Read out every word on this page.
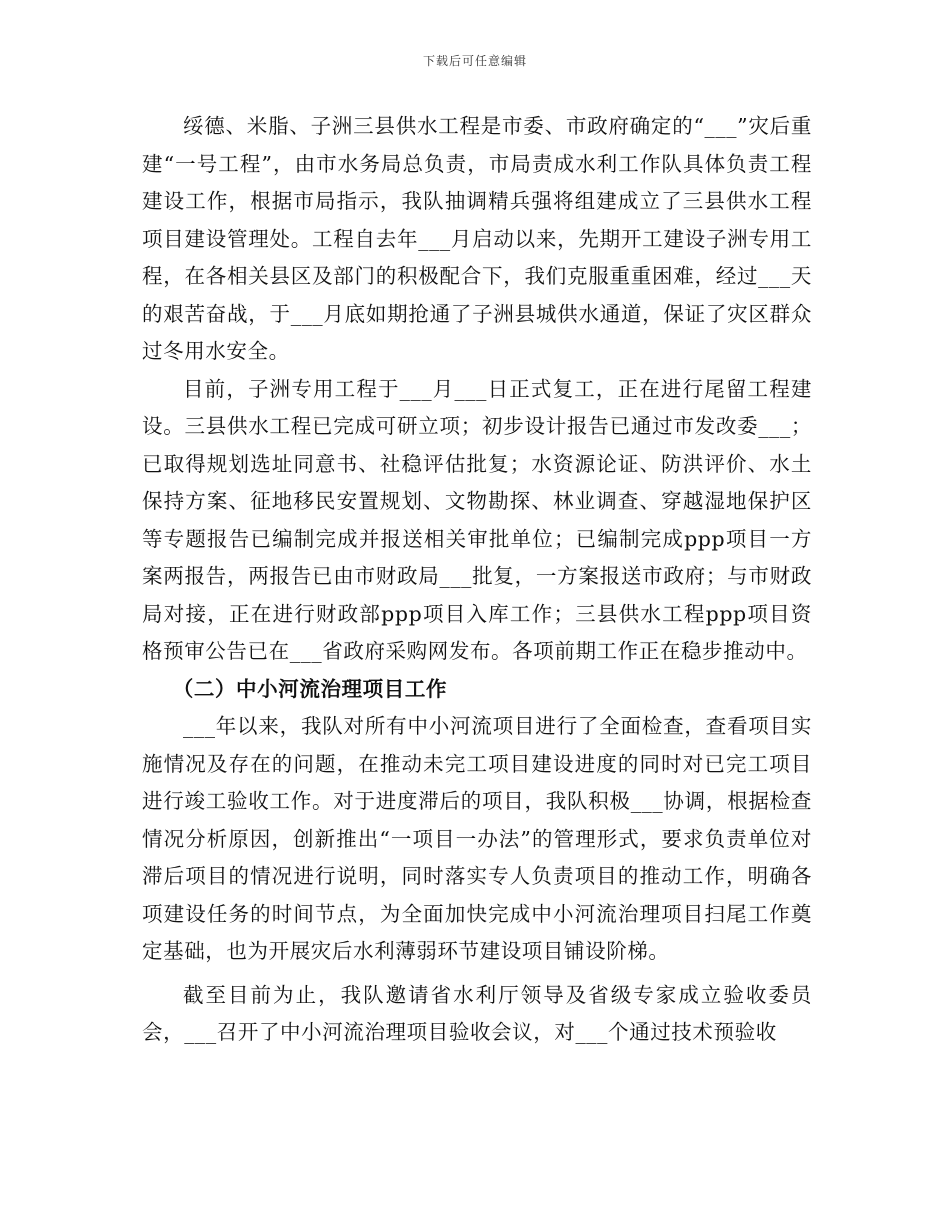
下载后可任意编辑

绥德、米脂、子洲三县供水工程是市委、市政府确定的“___”灾后重建“一号工程”，由市水务局总负责，市局责成水利工作队具体负责工程建设工作，根据市局指示，我队抽调精兵强将组建成立了三县供水工程项目建设管理处。工程自去年___月启动以来，先期开工建设子洲专用工程，在各相关县区及部门的积极配合下，我们克服重重困难，经过___天的艰苦奋战，于___月底如期抢通了子洲县城供水通道，保证了灾区群众过冬用水安全。

目前，子洲专用工程于___月___日正式复工，正在进行尾留工程建设。三县供水工程已完成可研立项；初步设计报告已通过市发改委___；已取得规划选址同意书、社稳评估批复；水资源论证、防洪评价、水土保持方案、征地移民安置规划、文物勘探、林业调查、穿越湿地保护区等专题报告已编制完成并报送相关审批单位；已编制完成ppp项目一方案两报告，两报告已由市财政局___批复，一方案报送市政府；与市财政局对接，正在进行财政部ppp项目入库工作；三县供水工程ppp项目资格预审公告已在___省政府采购网发布。各项前期工作正在稳步推动中。

（二）中小河流治理项目工作

___年以来，我队对所有中小河流项目进行了全面检查，查看项目实施情况及存在的问题，在推动未完工项目建设进度的同时对已完工项目进行竣工验收工作。对于进度滞后的项目，我队积极___协调，根据检查情况分析原因，创新推出“一项目一办法”的管理形式，要求负责单位对滞后项目的情况进行说明，同时落实专人负责项目的推动工作，明确各项建设任务的时间节点，为全面加快完成中小河流治理项目扫尾工作奠定基础，也为开展灾后水利薄弱环节建设项目铺设阶梯。

截至目前为止，我队邀请省水利厅领导及省级专家成立验收委员会，___召开了中小河流治理项目验收会议，对___个通过技术预验收
